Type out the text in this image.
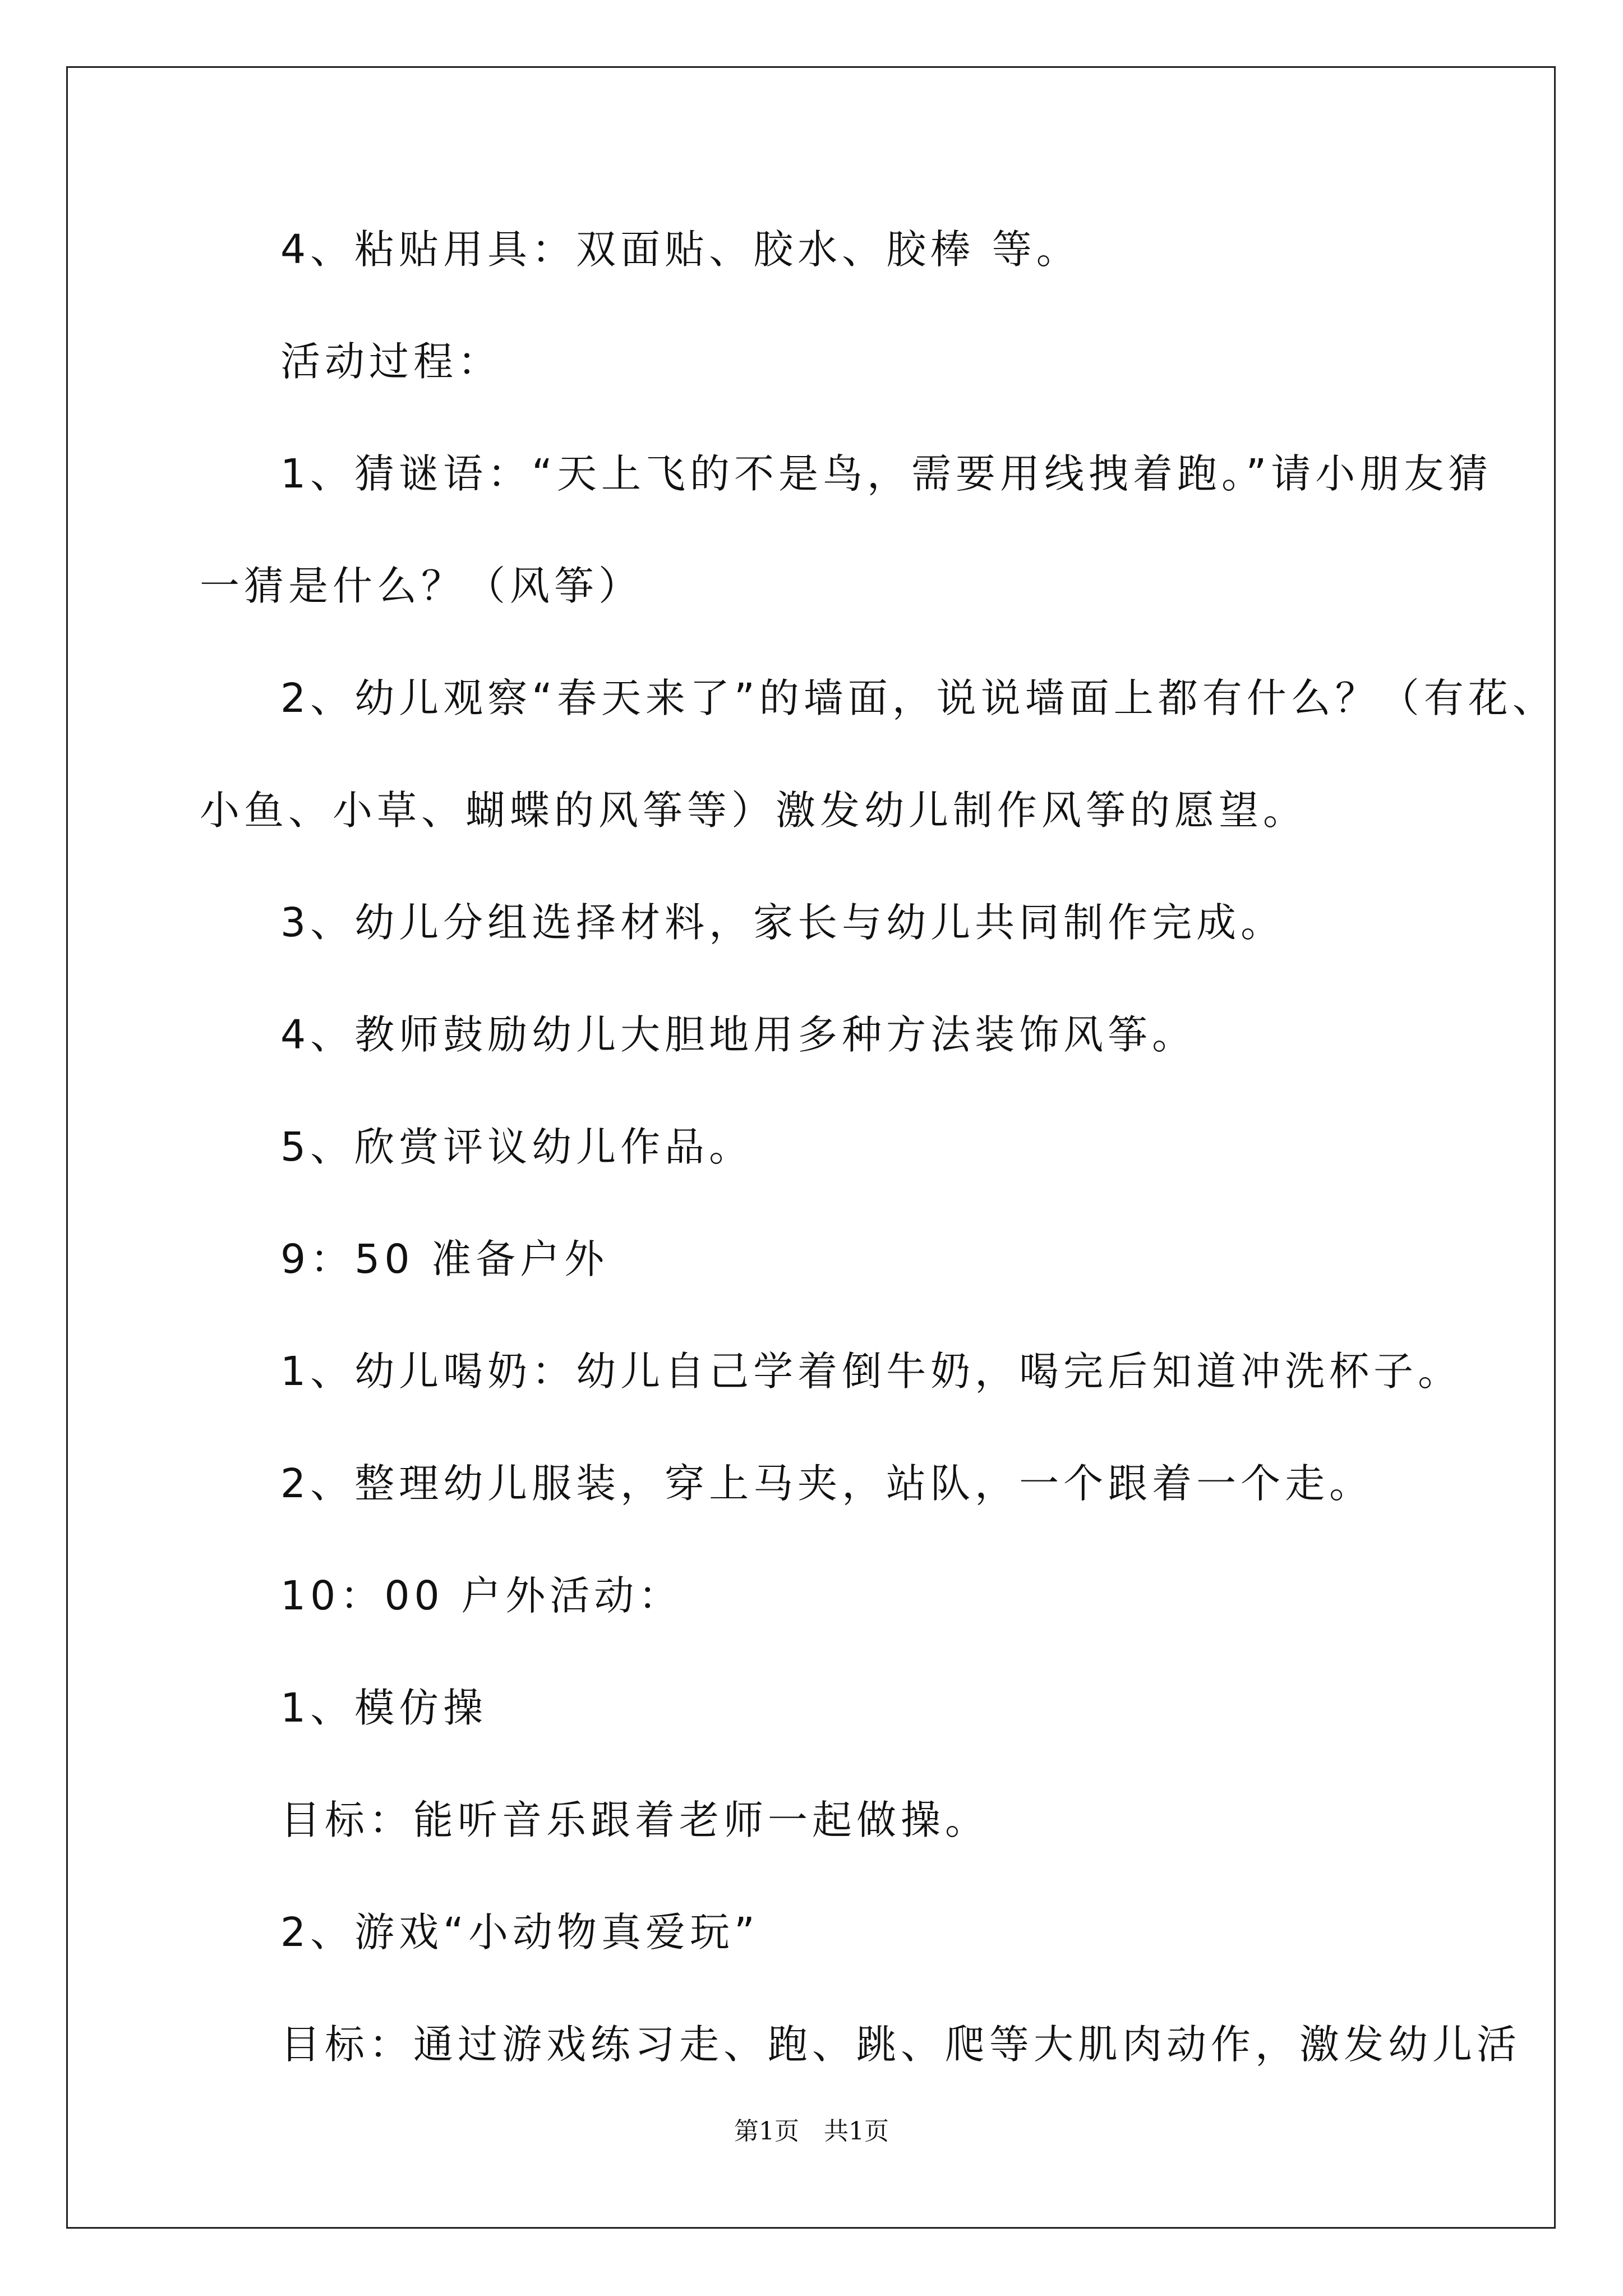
4、粘贴用具：双面贴、胶水、胶棒 等。
活动过程：
1、猜谜语：“天上飞的不是鸟，需要用线拽着跑。”请小朋友猜
一猜是什么？（风筝）
2、幼儿观察“春天来了”的墙面，说说墙面上都有什么？（有花、
小鱼、小草、蝴蝶的风筝等）激发幼儿制作风筝的愿望。
3、幼儿分组选择材料，家长与幼儿共同制作完成。
4、教师鼓励幼儿大胆地用多种方法装饰风筝。
5、欣赏评议幼儿作品。
9：50 准备户外
1、幼儿喝奶：幼儿自己学着倒牛奶，喝完后知道冲洗杯子。
2、整理幼儿服装，穿上马夹，站队，一个跟着一个走。
10：00 户外活动：
1、模仿操
目标：能听音乐跟着老师一起做操。
2、游戏“小动物真爱玩”
目标：通过游戏练习走、跑、跳、爬等大肌肉动作，激发幼儿活
第1页　共1页
